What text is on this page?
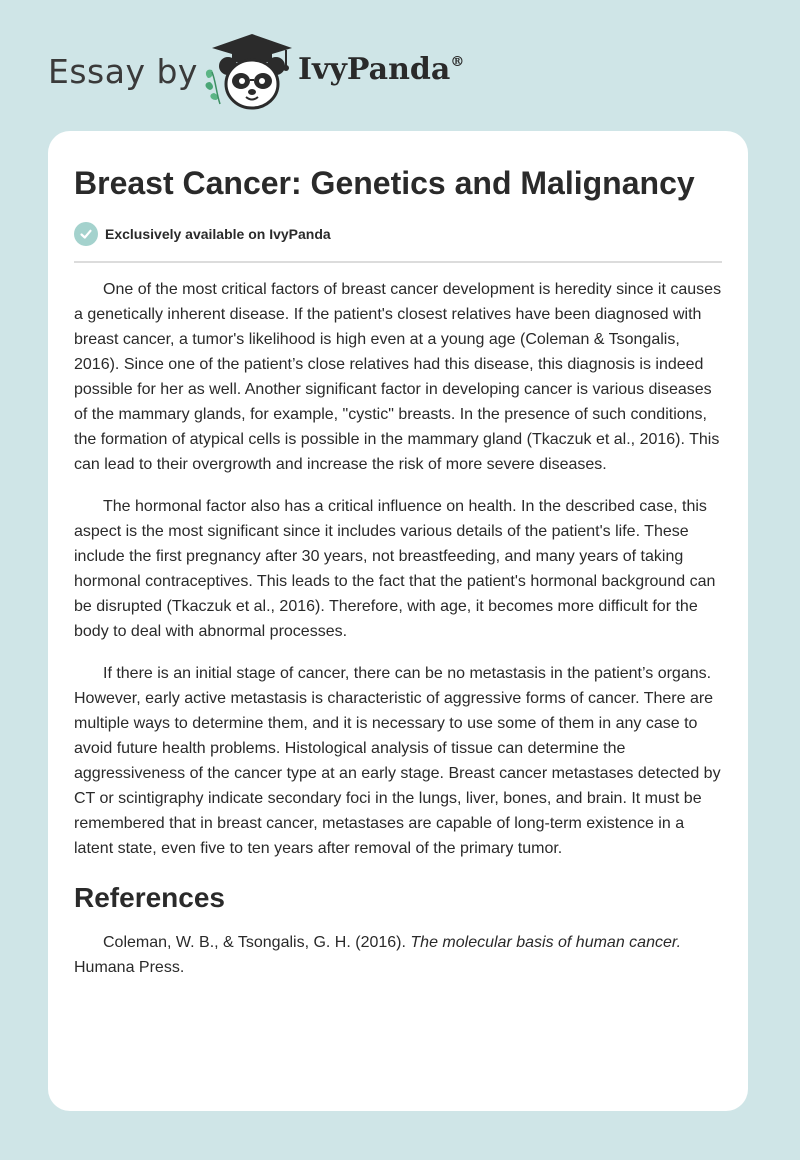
Essay by	IvyPanda®
Breast Cancer: Genetics and Malignancy
Exclusively available on IvyPanda

One of the most critical factors of breast cancer development is heredity since it causes a genetically inherent disease. If the patient's closest relatives have been diagnosed with breast cancer, a tumor's likelihood is high even at a young age (Coleman & Tsongalis, 2016). Since one of the patient’s close relatives had this disease, this diagnosis is indeed possible for her as well. Another significant factor in developing cancer is various diseases of the mammary glands, for example, "cystic" breasts. In the presence of such conditions, the formation of atypical cells is possible in the mammary gland (Tkaczuk et al., 2016). This can lead to their overgrowth and increase the risk of more severe diseases.

The hormonal factor also has a critical influence on health. In the described case, this aspect is the most significant since it includes various details of the patient's life. These include the first pregnancy after 30 years, not breastfeeding, and many years of taking hormonal contraceptives. This leads to the fact that the patient's hormonal background can be disrupted (Tkaczuk et al., 2016). Therefore, with age, it becomes more difficult for the body to deal with abnormal processes.

If there is an initial stage of cancer, there can be no metastasis in the patient’s organs. However, early active metastasis is characteristic of aggressive forms of cancer. There are multiple ways to determine them, and it is necessary to use some of them in any case to avoid future health problems. Histological analysis of tissue can determine the aggressiveness of the cancer type at an early stage. Breast cancer metastases detected by CT or scintigraphy indicate secondary foci in the lungs, liver, bones, and brain. It must be remembered that in breast cancer, metastases are capable of long-term existence in a latent state, even five to ten years after removal of the primary tumor.

References

Coleman, W. B., & Tsongalis, G. H. (2016). The molecular basis of human cancer. Humana Press.
